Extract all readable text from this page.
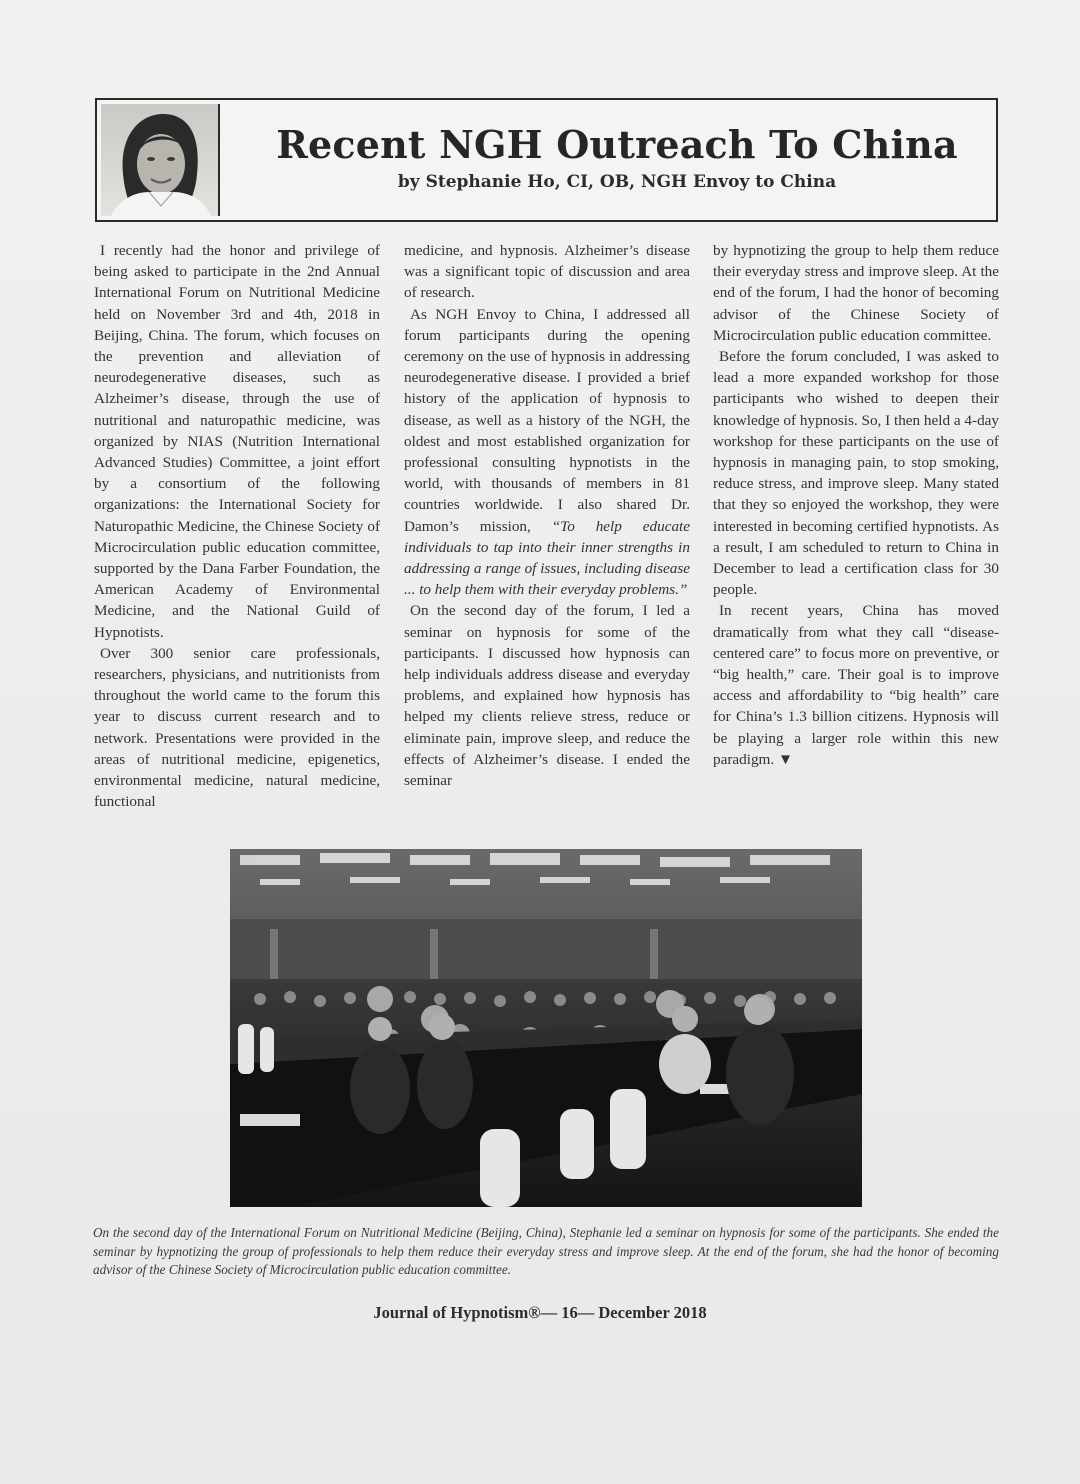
Recent NGH Outreach To China
by Stephanie Ho, CI, OB, NGH Envoy to China

I recently had the honor and privilege of being asked to participate in the 2nd Annual International Forum on Nutritional Medicine held on November 3rd and 4th, 2018 in Beijing, China. The forum, which focuses on the prevention and alleviation of neurodegenerative diseases, such as Alzheimer’s disease, through the use of nutritional and naturopathic medicine, was organized by NIAS (Nutrition International Advanced Studies) Committee, a joint effort by a consortium of the following organizations: the International Society for Naturopathic Medicine, the Chinese Society of Microcirculation public education committee, supported by the Dana Farber Foundation, the American Academy of Environmental Medicine, and the National Guild of Hypnotists.

Over 300 senior care professionals, researchers, physicians, and nutritionists from throughout the world came to the forum this year to discuss current research and to network. Presentations were provided in the areas of nutritional medicine, epigenetics, environmental medicine, natural medicine, functional

medicine, and hypnosis. Alzheimer’s disease was a significant topic of discussion and area of research.

As NGH Envoy to China, I addressed all forum participants during the opening ceremony on the use of hypnosis in addressing neurodegenerative disease. I provided a brief history of the application of hypnosis to disease, as well as a history of the NGH, the oldest and most established organization for professional consulting hypnotists in the world, with thousands of members in 81 countries worldwide. I also shared Dr. Damon’s mission, “To help educate individuals to tap into their inner strengths in addressing a range of issues, including disease ... to help them with their everyday problems.”

On the second day of the forum, I led a seminar on hypnosis for some of the participants. I discussed how hypnosis can help individuals address disease and everyday problems, and explained how hypnosis has helped my clients relieve stress, reduce or eliminate pain, improve sleep, and reduce the effects of Alzheimer’s disease. I ended the seminar

by hypnotizing the group to help them reduce their everyday stress and improve sleep. At the end of the forum, I had the honor of becoming advisor of the Chinese Society of Microcirculation public education committee.

Before the forum concluded, I was asked to lead a more expanded workshop for those participants who wished to deepen their knowledge of hypnosis. So, I then held a 4-day workshop for these participants on the use of hypnosis in managing pain, to stop smoking, reduce stress, and improve sleep. Many stated that they so enjoyed the workshop, they were interested in becoming certified hypnotists. As a result, I am scheduled to return to China in December to lead a certification class for 30 people.

In recent years, China has moved dramatically from what they call “disease-centered care” to focus more on preventive, or “big health,” care. Their goal is to improve access and affordability to “big health” care for China’s 1.3 billion citizens. Hypnosis will be playing a larger role within this new paradigm. ▼

On the second day of the International Forum on Nutritional Medicine (Beijing, China), Stephanie led a seminar on hypnosis for some of the participants. She ended the seminar by hypnotizing the group of professionals to help them reduce their everyday stress and improve sleep. At the end of the forum, she had the honor of becoming advisor of the Chinese Society of Microcirculation public education committee.
Journal of Hypnotism®— 16— December 2018
